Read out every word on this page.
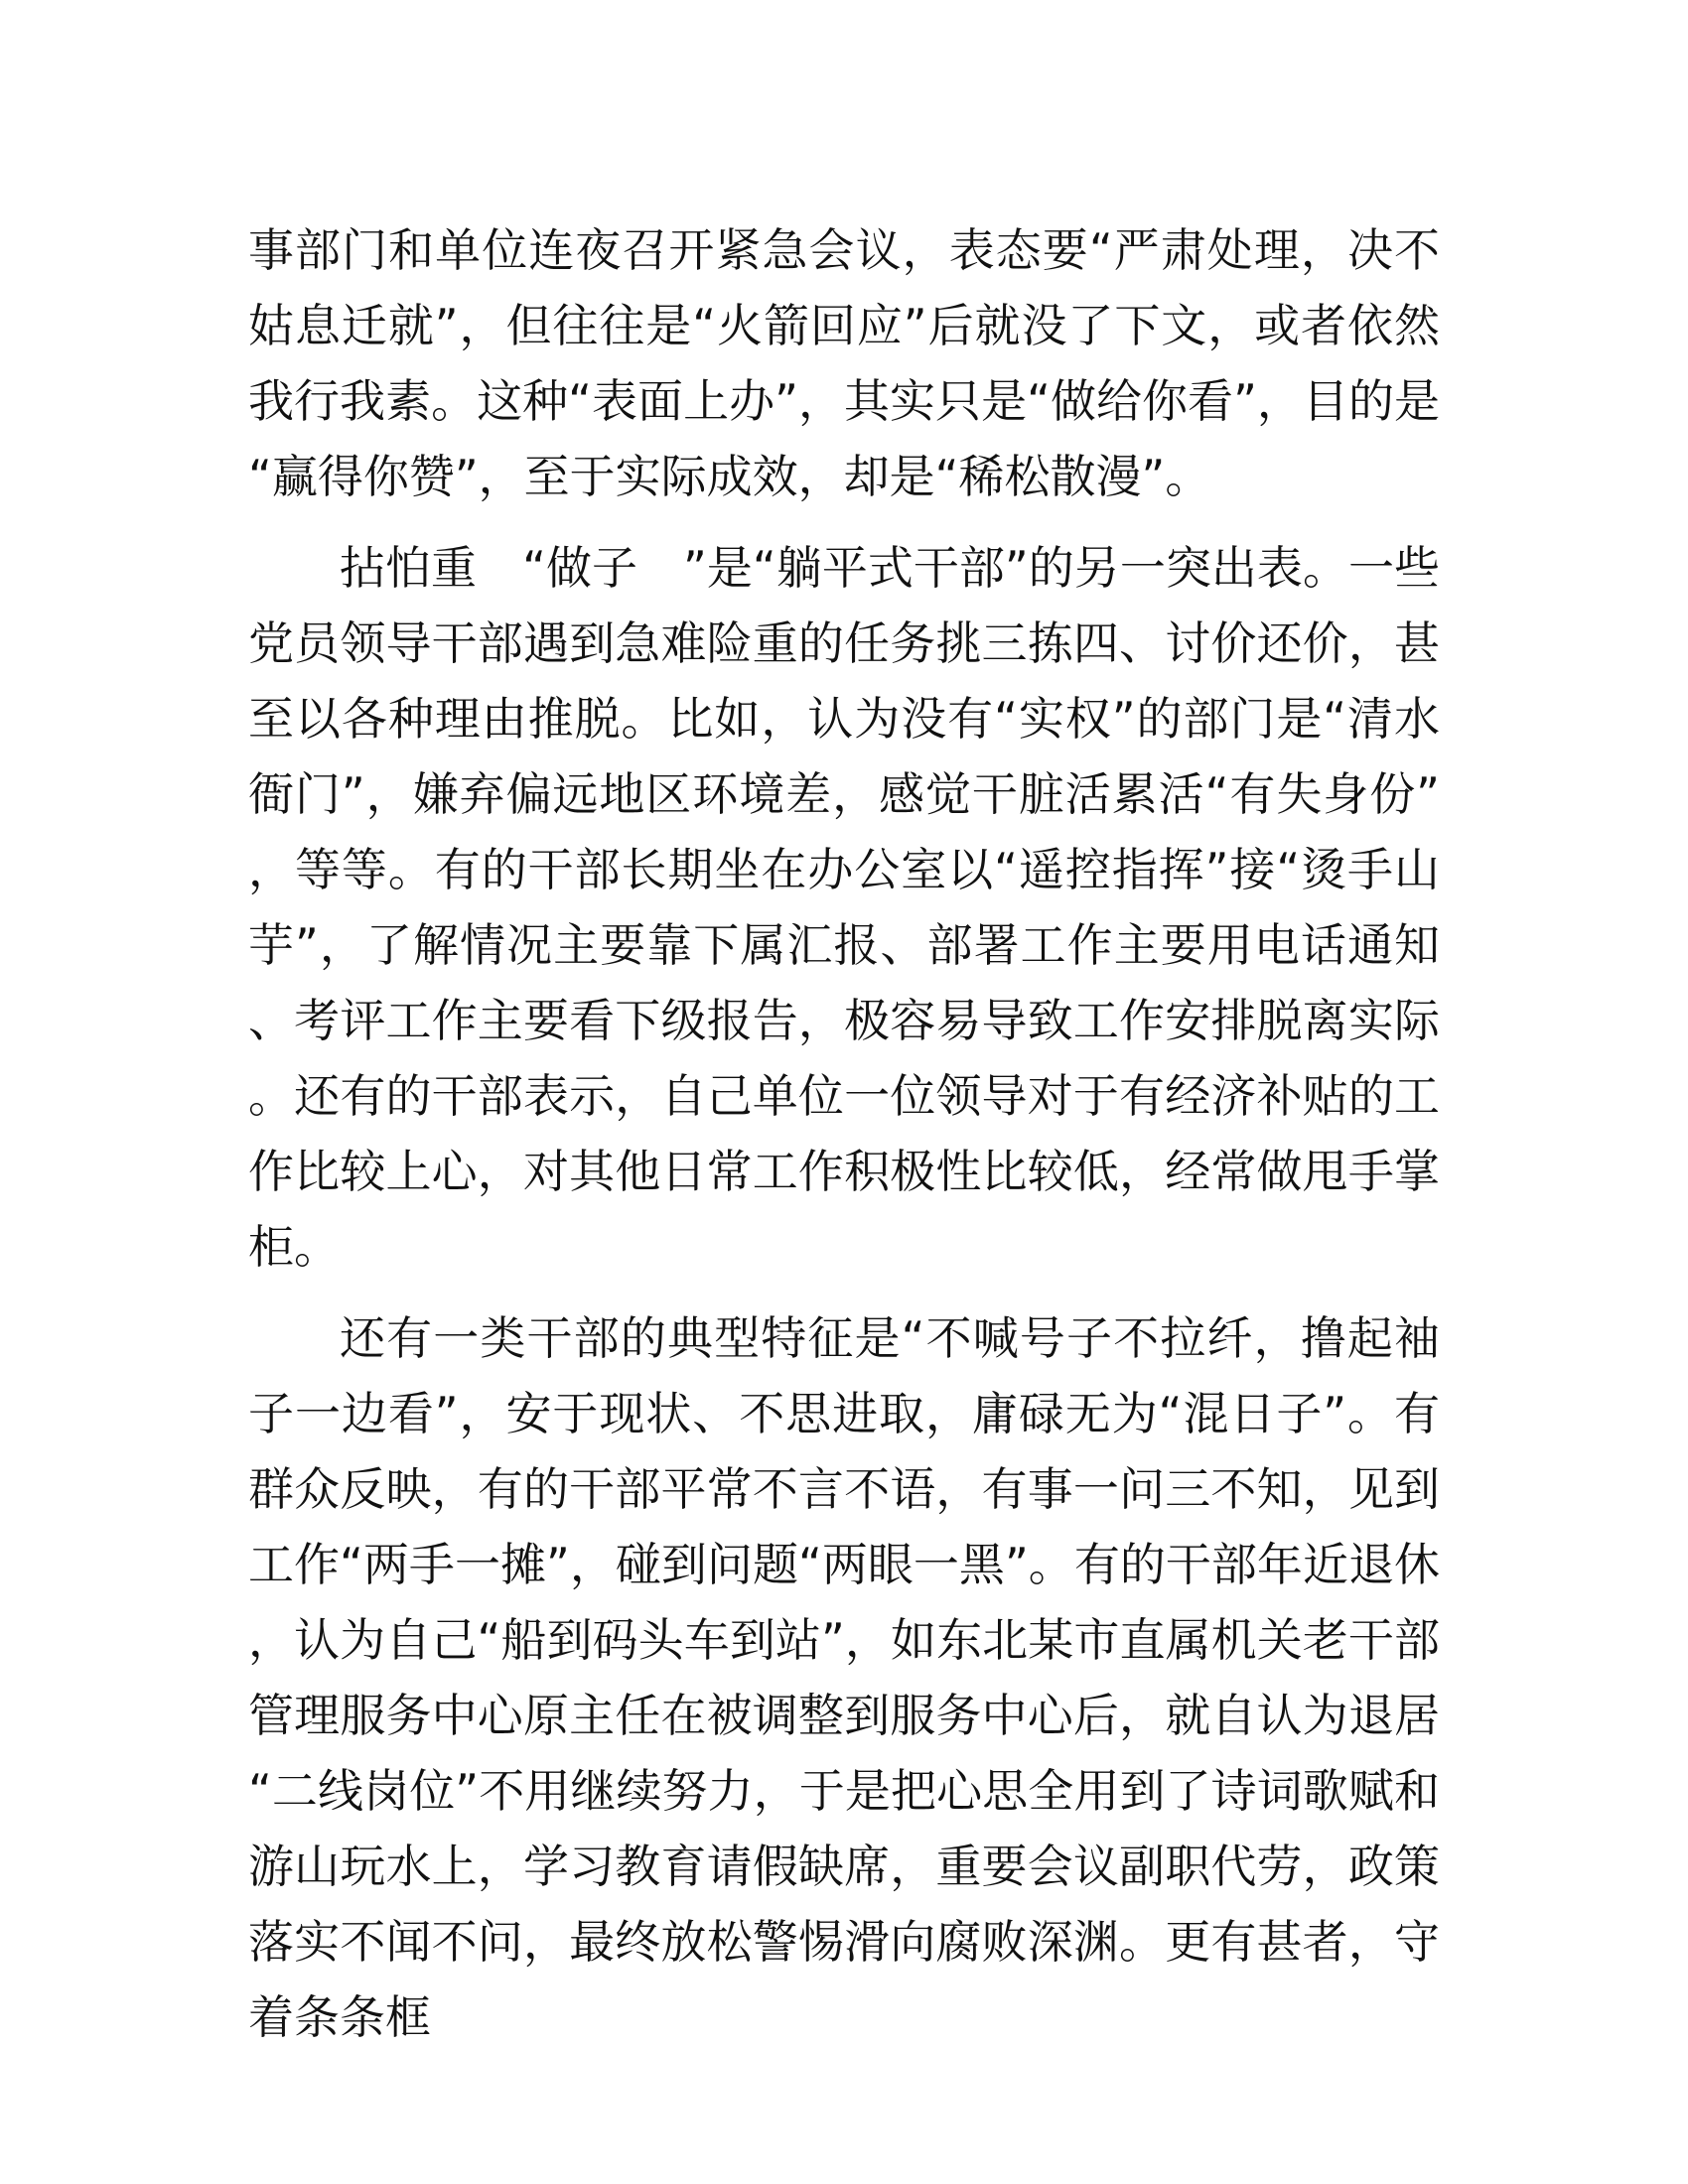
事部门和单位连夜召开紧急会议，表态要“严肃处理，决不姑息迁就”，但往往是“火箭回应”后就没了下文，或者依然我行我素。这种“表面上办”，其实只是“做给你看”，目的是“赢得你赞”，至于实际成效，却是“稀松散漫”。

拈怕重　“做子　”是“躺平式干部”的另一突出表。一些党员领导干部遇到急难险重的任务挑三拣四、讨价还价，甚至以各种理由推脱。比如，认为没有“实权”的部门是“清水衙门”，嫌弃偏远地区环境差，感觉干脏活累活“有失身份”，等等。有的干部长期坐在办公室以“遥控指挥”接“烫手山芋”，了解情况主要靠下属汇报、部署工作主要用电话通知、考评工作主要看下级报告，极容易导致工作安排脱离实际。还有的干部表示，自己单位一位领导对于有经济补贴的工作比较上心，对其他日常工作积极性比较低，经常做甩手掌柜。

还有一类干部的典型特征是“不喊号子不拉纤，撸起袖子一边看”，安于现状、不思进取，庸碌无为“混日子”。有群众反映，有的干部平常不言不语，有事一问三不知，见到工作“两手一摊”，碰到问题“两眼一黑”。有的干部年近退休，认为自己“船到码头车到站”，如东北某市直属机关老干部管理服务中心原主任在被调整到服务中心后，就自认为退居“二线岗位”不用继续努力，于是把心思全用到了诗词歌赋和游山玩水上，学习教育请假缺席，重要会议副职代劳，政策落实不闻不问，最终放松警惕滑向腐败深渊。更有甚者，守着条条框
